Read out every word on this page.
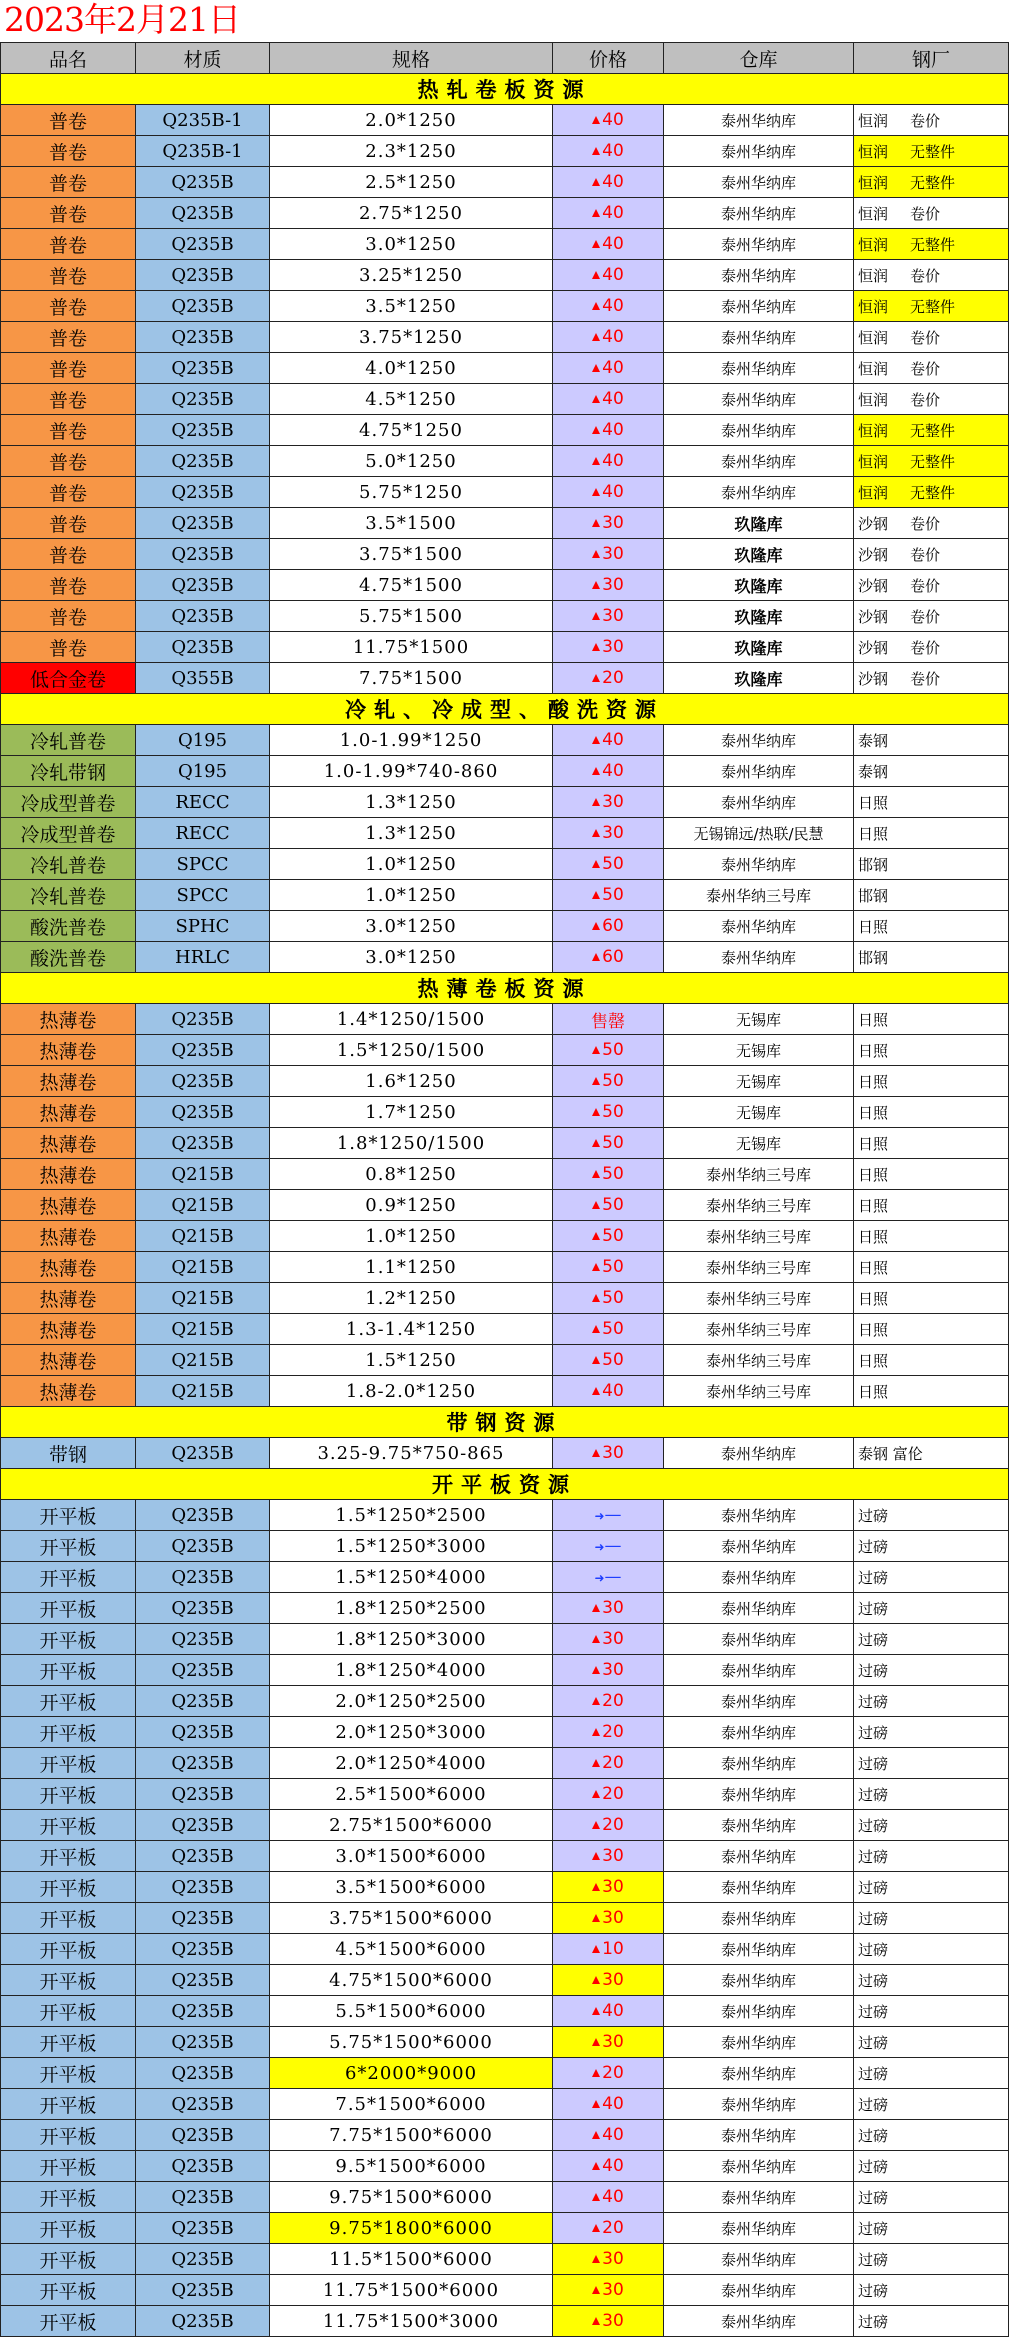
2023年2月21日
品名	材质	规格	价格	仓库	钢厂
热轧卷板资源					
普卷	Q235B-1	2.0*1250	40	泰州华纳库	恒润 卷价
普卷	Q235B-1	2.3*1250	40	泰州华纳库	恒润 无整件
普卷	Q235B	2.5*1250	40	泰州华纳库	恒润 无整件
普卷	Q235B	2.75*1250	40	泰州华纳库	恒润 卷价
普卷	Q235B	3.0*1250	40	泰州华纳库	恒润 无整件
普卷	Q235B	3.25*1250	40	泰州华纳库	恒润 卷价
普卷	Q235B	3.5*1250	40	泰州华纳库	恒润 无整件
普卷	Q235B	3.75*1250	40	泰州华纳库	恒润 卷价
普卷	Q235B	4.0*1250	40	泰州华纳库	恒润 卷价
普卷	Q235B	4.5*1250	40	泰州华纳库	恒润 卷价
普卷	Q235B	4.75*1250	40	泰州华纳库	恒润 无整件
普卷	Q235B	5.0*1250	40	泰州华纳库	恒润 无整件
普卷	Q235B	5.75*1250	40	泰州华纳库	恒润 无整件
普卷	Q235B	3.5*1500	30	玖隆库	沙钢 卷价
普卷	Q235B	3.75*1500	30	玖隆库	沙钢 卷价
普卷	Q235B	4.75*1500	30	玖隆库	沙钢 卷价
普卷	Q235B	5.75*1500	30	玖隆库	沙钢 卷价
普卷	Q235B	11.75*1500	30	玖隆库	沙钢 卷价
低合金卷	Q355B	7.75*1500	20	玖隆库	沙钢 卷价
冷轧、冷成型、酸洗资源					
冷轧普卷	Q195	1.0-1.99*1250	40	泰州华纳库	泰钢
冷轧带钢	Q195	1.0-1.99*740-860	40	泰州华纳库	泰钢
冷成型普卷	RECC	1.3*1250	30	泰州华纳库	日照
冷成型普卷	RECC	1.3*1250	30	无锡锦远/热联/民慧	日照
冷轧普卷	SPCC	1.0*1250	50	泰州华纳库	邯钢
冷轧普卷	SPCC	1.0*1250	50	泰州华纳三号库	邯钢
酸洗普卷	SPHC	3.0*1250	60	泰州华纳库	日照
酸洗普卷	HRLC	3.0*1250	60	泰州华纳库	邯钢
热薄卷板资源					
热薄卷	Q235B	1.4*1250/1500	售罄	无锡库	日照
热薄卷	Q235B	1.5*1250/1500	50	无锡库	日照
热薄卷	Q235B	1.6*1250	50	无锡库	日照
热薄卷	Q235B	1.7*1250	50	无锡库	日照
热薄卷	Q235B	1.8*1250/1500	50	无锡库	日照
热薄卷	Q215B	0.8*1250	50	泰州华纳三号库	日照
热薄卷	Q215B	0.9*1250	50	泰州华纳三号库	日照
热薄卷	Q215B	1.0*1250	50	泰州华纳三号库	日照
热薄卷	Q215B	1.1*1250	50	泰州华纳三号库	日照
热薄卷	Q215B	1.2*1250	50	泰州华纳三号库	日照
热薄卷	Q215B	1.3-1.4*1250	50	泰州华纳三号库	日照
热薄卷	Q215B	1.5*1250	50	泰州华纳三号库	日照
热薄卷	Q215B	1.8-2.0*1250	40	泰州华纳三号库	日照
带钢资源					
带钢	Q235B	3.25-9.75*750-865	30	泰州华纳库	泰钢 富伦
开平板资源					
开平板	Q235B	1.5*1250*2500	➜—	泰州华纳库	过磅
开平板	Q235B	1.5*1250*3000	➜—	泰州华纳库	过磅
开平板	Q235B	1.5*1250*4000	➜—	泰州华纳库	过磅
开平板	Q235B	1.8*1250*2500	30	泰州华纳库	过磅
开平板	Q235B	1.8*1250*3000	30	泰州华纳库	过磅
开平板	Q235B	1.8*1250*4000	30	泰州华纳库	过磅
开平板	Q235B	2.0*1250*2500	20	泰州华纳库	过磅
开平板	Q235B	2.0*1250*3000	20	泰州华纳库	过磅
开平板	Q235B	2.0*1250*4000	20	泰州华纳库	过磅
开平板	Q235B	2.5*1500*6000	20	泰州华纳库	过磅
开平板	Q235B	2.75*1500*6000	20	泰州华纳库	过磅
开平板	Q235B	3.0*1500*6000	30	泰州华纳库	过磅
开平板	Q235B	3.5*1500*6000	30	泰州华纳库	过磅
开平板	Q235B	3.75*1500*6000	30	泰州华纳库	过磅
开平板	Q235B	4.5*1500*6000	10	泰州华纳库	过磅
开平板	Q235B	4.75*1500*6000	30	泰州华纳库	过磅
开平板	Q235B	5.5*1500*6000	40	泰州华纳库	过磅
开平板	Q235B	5.75*1500*6000	30	泰州华纳库	过磅
开平板	Q235B	6*2000*9000	20	泰州华纳库	过磅
开平板	Q235B	7.5*1500*6000	40	泰州华纳库	过磅
开平板	Q235B	7.75*1500*6000	40	泰州华纳库	过磅
开平板	Q235B	9.5*1500*6000	40	泰州华纳库	过磅
开平板	Q235B	9.75*1500*6000	40	泰州华纳库	过磅
开平板	Q235B	9.75*1800*6000	20	泰州华纳库	过磅
开平板	Q235B	11.5*1500*6000	30	泰州华纳库	过磅
开平板	Q235B	11.75*1500*6000	30	泰州华纳库	过磅
开平板	Q235B	11.75*1500*3000	30	泰州华纳库	过磅
